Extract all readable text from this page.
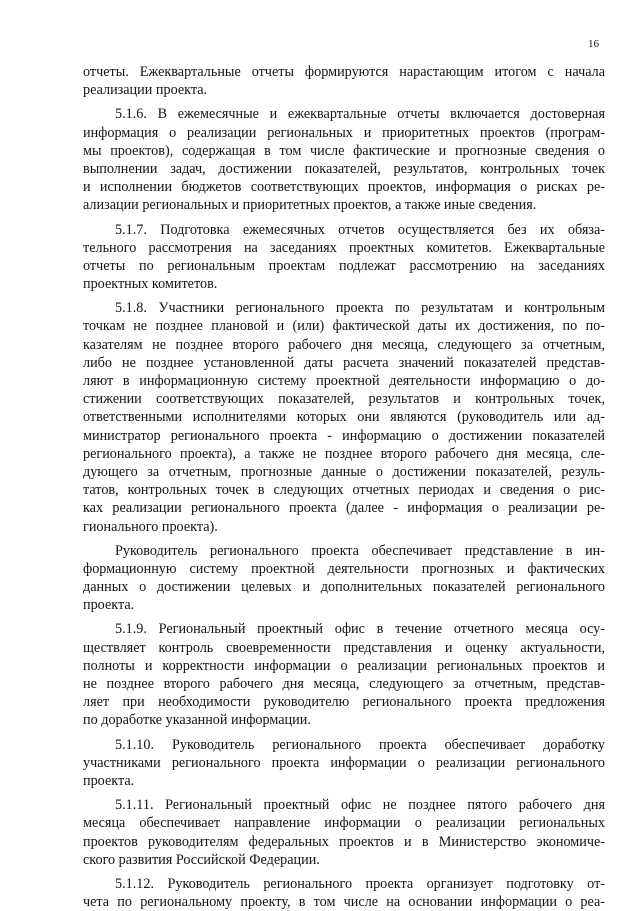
16
отчеты. Ежеквартальные отчеты формируются нарастающим итогом с начала
реализации проекта.
5.1.6. В ежемесячные и ежеквартальные отчеты включается достоверная
информация о реализации региональных и приоритетных проектов (програм-
мы проектов), содержащая в том числе фактические и прогнозные сведения о
выполнении задач, достижении показателей, результатов, контрольных точек
и исполнении бюджетов соответствующих проектов, информация о рисках ре-
ализации региональных и приоритетных проектов, а также иные сведения.
5.1.7. Подготовка ежемесячных отчетов осуществляется без их обяза-
тельного рассмотрения на заседаниях проектных комитетов. Ежеквартальные
отчеты по региональным проектам подлежат рассмотрению на заседаниях
проектных комитетов.
5.1.8. Участники регионального проекта по результатам и контрольным
точкам не позднее плановой и (или) фактической даты их достижения, по по-
казателям не позднее второго рабочего дня месяца, следующего за отчетным,
либо не позднее установленной даты расчета значений показателей представ-
ляют в информационную систему проектной деятельности информацию о до-
стижении соответствующих показателей, результатов и контрольных точек,
ответственными исполнителями которых они являются (руководитель или ад-
министратор регионального проекта - информацию о достижении показателей
регионального проекта), а также не позднее второго рабочего дня месяца, сле-
дующего за отчетным, прогнозные данные о достижении показателей, резуль-
татов, контрольных точек в следующих отчетных периодах и сведения о рис-
ках реализации регионального проекта (далее - информация о реализации ре-
гионального проекта).
Руководитель регионального проекта обеспечивает представление в ин-
формационную систему проектной деятельности прогнозных и фактических
данных о достижении целевых и дополнительных показателей регионального
проекта.
5.1.9. Региональный проектный офис в течение отчетного месяца осу-
ществляет контроль своевременности представления и оценку актуальности,
полноты и корректности информации о реализации региональных проектов и
не позднее второго рабочего дня месяца, следующего за отчетным, представ-
ляет при необходимости руководителю регионального проекта предложения
по доработке указанной информации.
5.1.10. Руководитель регионального проекта обеспечивает доработку
участниками регионального проекта информации о реализации регионального
проекта.
5.1.11. Региональный проектный офис не позднее пятого рабочего дня
месяца обеспечивает направление информации о реализации региональных
проектов руководителям федеральных проектов и в Министерство экономиче-
ского развития Российской Федерации.
5.1.12. Руководитель регионального проекта организует подготовку от-
чета по региональному проекту, в том числе на основании информации о реа-
